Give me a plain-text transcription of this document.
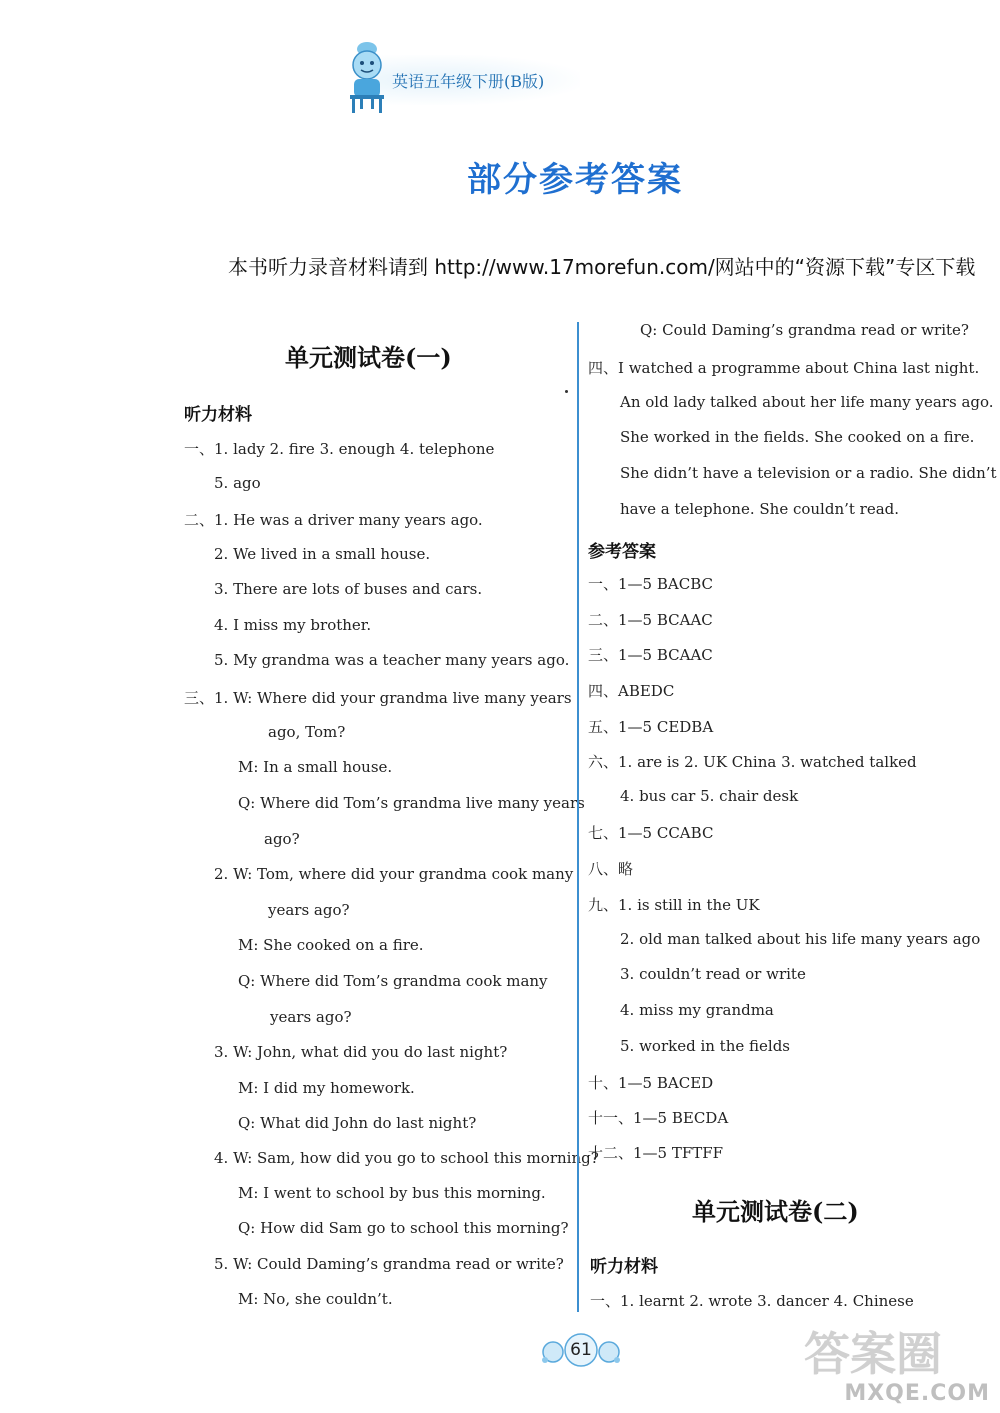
英语五年级下册(B版)
部分参考答案
本书听力录音材料请到 http://www.17morefun.com/网站中的“资源下载”专区下载
单元测试卷(一)
听力材料
一、1. lady 2. fire 3. enough 4. telephone
5. ago
二、1. He was a driver many years ago.
2. We lived in a small house.
3. There are lots of buses and cars.
4. I miss my brother.
5. My grandma was a teacher many years ago.
三、1. W: Where did your grandma live many years
ago, Tom?
M: In a small house.
Q: Where did Tom’s grandma live many years
ago?
2. W: Tom, where did your grandma cook many
years ago?
M: She cooked on a fire.
Q: Where did Tom’s grandma cook many
years ago?
3. W: John, what did you do last night?
M: I did my homework.
Q: What did John do last night?
4. W: Sam, how did you go to school this morning?
M: I went to school by bus this morning.
Q: How did Sam go to school this morning?
5. W: Could Daming’s grandma read or write?
M: No, she couldn’t.
Q: Could Daming’s grandma read or write?
四、I watched a programme about China last night.
An old lady talked about her life many years ago.
She worked in the fields. She cooked on a fire.
She didn’t have a television or a radio. She didn’t
have a telephone. She couldn’t read.
参考答案
一、1—5 BACBC
二、1—5 BCAAC
三、1—5 BCAAC
四、ABEDC
五、1—5 CEDBA
六、1. are is 2. UK China 3. watched talked
4. bus car 5. chair desk
七、1—5 CCABC
八、略
九、1. is still in the UK
2. old man talked about his life many years ago
3. couldn’t read or write
4. miss my grandma
5. worked in the fields
十、1—5 BACED
十一、1—5 BECDA
十二、1—5 TFTFF
单元测试卷(二)
听力材料
一、1. learnt 2. wrote 3. dancer 4. Chinese
61	答案圈
MXQE.COM
